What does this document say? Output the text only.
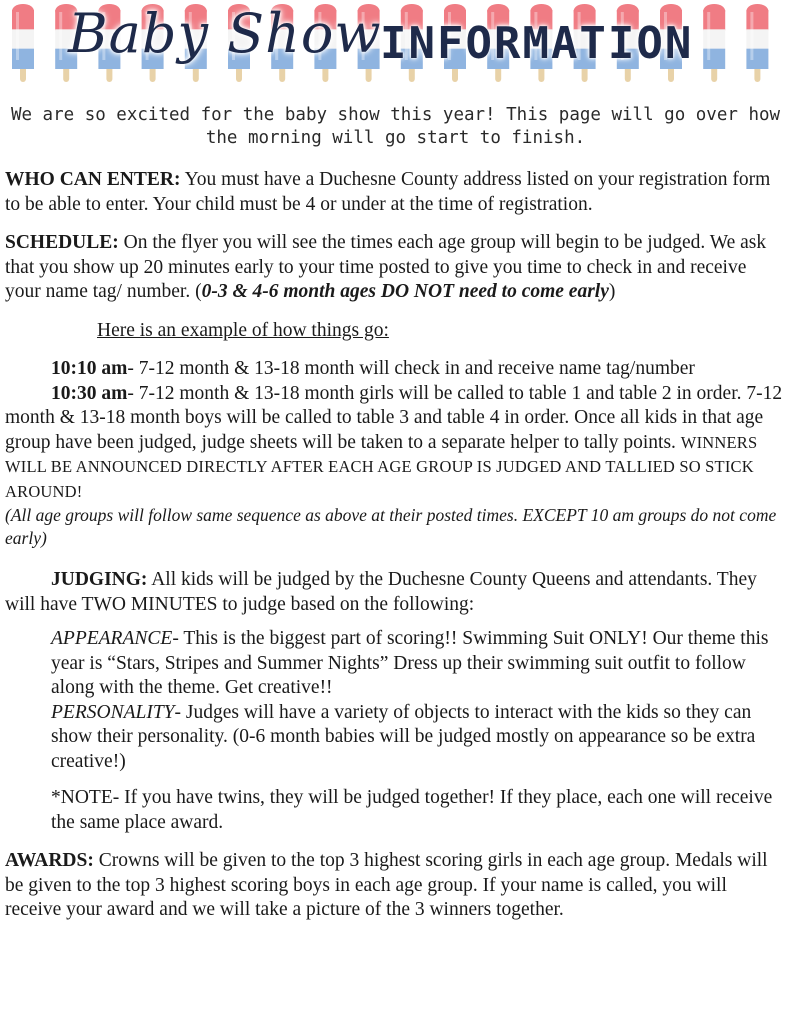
Baby Show
INFORMATION
We are so excited for the baby show this year! This page will go over how the morning will go start to finish.

WHO CAN ENTER: You must have a Duchesne County address listed on your registration form to be able to enter. Your child must be 4 or under at the time of registration.

SCHEDULE: On the flyer you will see the times each age group will begin to be judged. We ask that you show up 20 minutes early to your time posted to give you time to check in and receive your name tag/ number. (0-3 & 4-6 month ages DO NOT need to come early)

Here is an example of how things go:

10:10 am- 7-12 month & 13-18 month will check in and receive name tag/number

10:30 am- 7-12 month & 13-18 month girls will be called to table 1 and table 2 in order. 7-12 month & 13-18 month boys will be called to table 3 and table 4 in order. Once all kids in that age group have been judged, judge sheets will be taken to a separate helper to tally points. WINNERS WILL BE ANNOUNCED DIRECTLY AFTER EACH AGE GROUP IS JUDGED AND TALLIED SO STICK AROUND!

(All age groups will follow same sequence as above at their posted times. EXCEPT 10 am groups do not come early)

JUDGING: All kids will be judged by the Duchesne County Queens and attendants. They will have TWO MINUTES to judge based on the following:

APPEARANCE- This is the biggest part of scoring!! Swimming Suit ONLY! Our theme this year is “Stars, Stripes and Summer Nights” Dress up their swimming suit outfit to follow along with the theme. Get creative!!

PERSONALITY- Judges will have a variety of objects to interact with the kids so they can show their personality. (0-6 month babies will be judged mostly on appearance so be extra creative!)

*NOTE- If you have twins, they will be judged together! If they place, each one will receive the same place award.

AWARDS: Crowns will be given to the top 3 highest scoring girls in each age group. Medals will be given to the top 3 highest scoring boys in each age group. If your name is called, you will receive your award and we will take a picture of the 3 winners together.
